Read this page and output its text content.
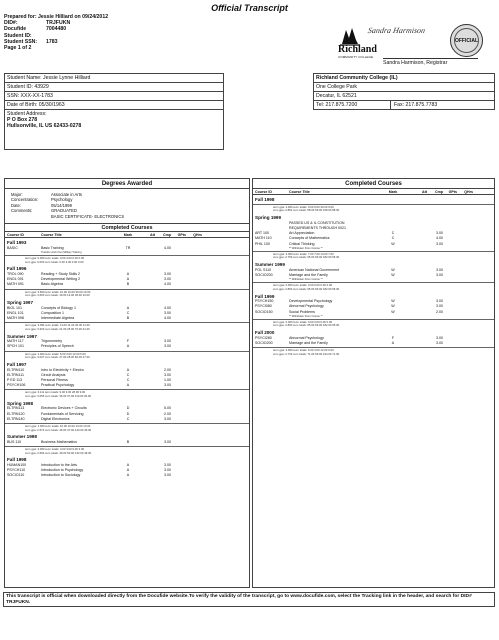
Official Transcript
Prepared for: Jessie Hilliard on 09/24/2012
DID#:	TRJFUKN
Docufide Student ID:
7004480
Student SSN:	1783
Page 1 of 2	Richland
COMMUNITY COLLEGE
Sandra Harmison
OFFICIAL
Sandra Harmison, Registrar
Student Name: Jessie Lynne Hilliard
Student ID: 43929
SSN: XXX-XX-1783
Date of Birth: 05/30/1963
Student Address:
P O Box 278
Hullsonville, IL US 62433-0278
Richland Community College (IL)
One College Park
Decatur, IL 62521
Tel: 217.875.7200	Fax: 217.875.7783
Degrees Awarded
Major:	Associate in Arts
Concentration:	Psychology
Date:	05/14/1999
Comments:	GRADUATED
BASIC CERTIFICATE- ELECTRONICS
Completed Courses
Course ID	Course Title	Mark	Att	Cmp	GPts	QHrs
Fall 1993
BASIC	Basic Training	TR	4.00
Transfer work from Military Training
term gpa: 0.000 term totals: 0.00 4.00 0.00 0.00
cum gpa: 0.000 cum totals: 0.00 4.00 0.00 0.00
Fall 1996
TROL 090	Reading + Study Skills 2	A	3.00
ENGL 091	Developmental Writing 2	A	3.00
MATH 091	Basic Algebra	B	4.00
term gpa: 3.600 term totals: 10.00 10.00 36.00 10.00
cum gpa: 3.600 cum totals: 10.00 14.00 36.00 10.00
Spring 1997
BIOL 101	Concepts of Biology 1	A	4.00
ENGL 101	Composition 1	C	3.00
MATH 098	Intermediate Algebra	B	4.00
term gpa: 3.091 term totals: 11.00 11.00 34.00 11.00
cum gpa: 3.333 cum totals: 21.00 25.00 70.00 21.00
Summer 1997
MATH 117	Trigonometry	F	3.00
SPCH 101	Principles of Speech	A	3.00
term gpa: 2.000 term totals: 6.00 3.00 12.00 6.00
cum gpa: 3.037 cum totals: 27.00 28.00 82.00 27.00
Fall 1997
ELTRN110	Intro to Electricity + Electro	A	2.00
ELTRN111	Circuit Analysis	C	3.00
P ED 113	Personal Fitness	C	1.00
PSYCH106	Practical Psychology	A	3.00
term gpa: 3.111 term totals: 9.00 9.00 28.00 9.00
cum gpa: 3.056 cum totals: 36.00 37.00 110.00 36.00
Spring 1998
ELTRN113	Electronic Devices + Circuits	D	5.00
ELTRN120	Fundamentals of Servicing	D	2.00
ELTRN140	Digital Electronics	C	3.00
term gpa: 1.300 term totals: 10.00 10.00 13.00 10.00
cum gpa: 2.674 cum totals: 46.00 47.00 123.00 46.00
Summer 1998
BUS 110	Business Mathematics	B	3.00
term gpa: 3.000 term totals: 3.00 3.00 9.00 3.00
cum gpa: 2.694 cum totals: 49.00 50.00 132.00 49.00
Fall 1998
HUMAN100	Introduction to the Arts	A	3.00
PSYCH110	Introduction to Psychology	A	3.00
SOCIO110	Introduction to Sociology	A	3.00
Completed Courses
Course ID	Course Title	Mark	Att	Cmp	GPts	QHrs
Fall 1998
term gpa: 4.000 term totals: 9.00 9.00 36.00 9.00
cum gpa: 2.862 cum totals: 58.00 59.00 168.00 58.00
Spring 1999
PASSED US & IL CONSTITUTION REQUIREMENTS THROUGH 0021
ART 100	Art Appreciation	C	3.00
MATH 110	Concepts of Mathematics	C	4.00
PHIL 100	Critical Thinking	W	3.00
** Withdrawn From Course **
term gpa: 2.000 term totals: 7.00 7.00 14.00 7.00
cum gpa: 2.769 cum totals: 65.00 66.00 182.00 65.00
Summer 1999
POL S110	American National Government	W	3.00
SOCIO200	Marriage and the Family	W	3.00
** Withdrawn From Course **
term gpa: 0.000 term totals: 0.00 0.00 0.00 0.00
cum gpa: 2.800 cum totals: 65.00 66.00 182.00 65.00
Fall 1999
PSYCH150	Developmental Psychology	W	3.00
PSYCI080	Abnormal Psychology	W	3.00
SOCIO150	Social Problems	W	2.00
** Withdrawn From Course **
term gpa: 0.000 term totals: 0.00 0.00 0.00 0.00
cum gpa: 2.800 cum totals: 65.00 66.00 182.00 65.00
Fall 2000
PSYCI280	Abnormal Psychology	F	3.00
SOCIO200	Marriage and the Family	A	3.00
term gpa: 2.000 term totals: 6.00 3.00 12.00 6.00
cum gpa: 2.732 cum totals: 71.00 69.00 194.00 71.00
This transcript is official when downloaded directly from the Docufide website.To verify the validity of the transcript, go to www.docufide.com, select the Tracking link in the header, and search for DID# TRJFUKN.
